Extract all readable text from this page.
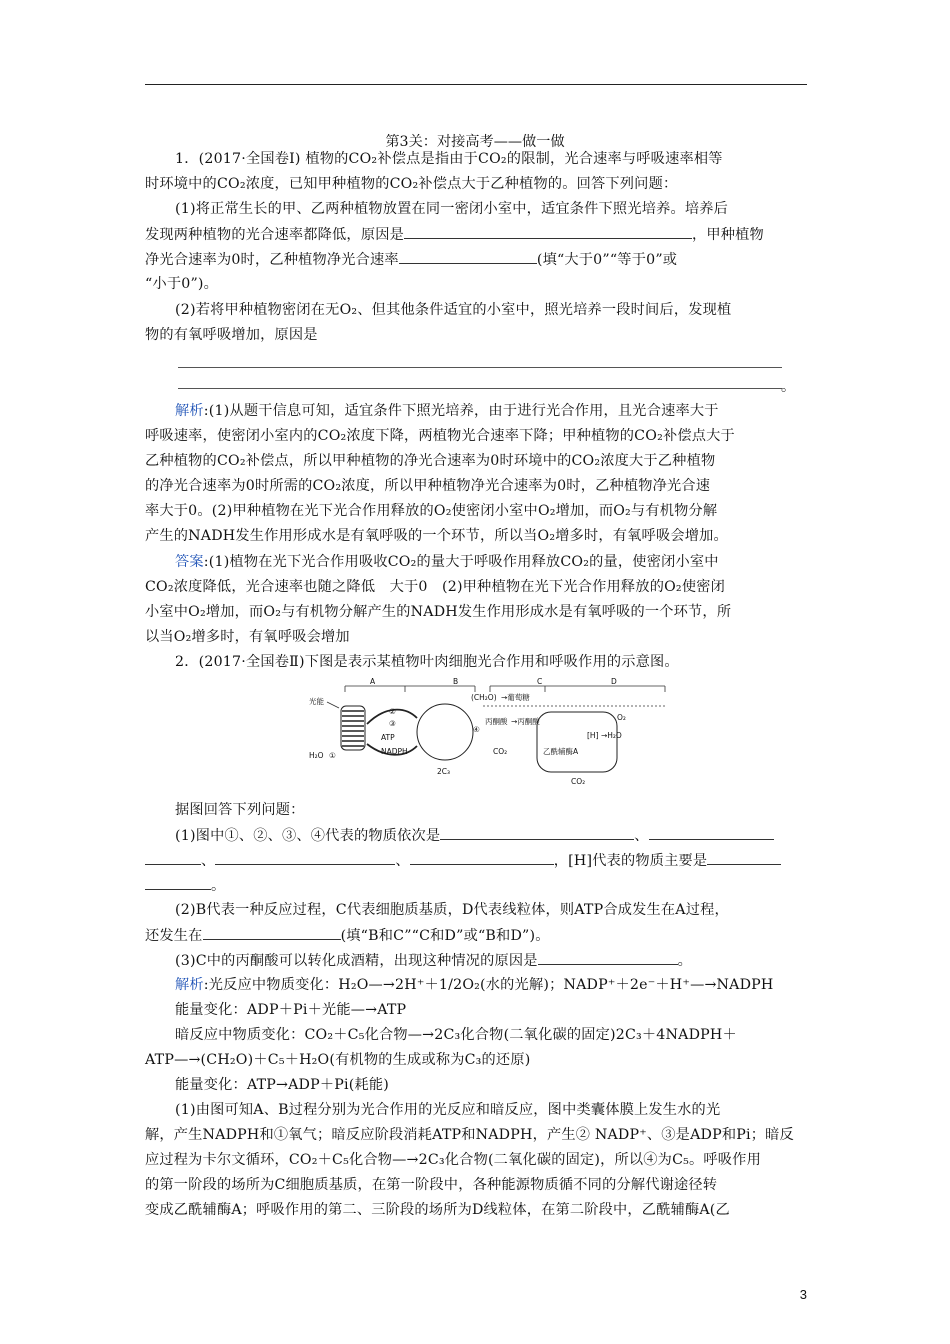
第3关：对接高考——做一做
1．(2017·全国卷Ⅰ) 植物的CO₂补偿点是指由于CO₂的限制，光合速率与呼吸速率相等
时环境中的CO₂浓度，已知甲种植物的CO₂补偿点大于乙种植物的。回答下列问题：
(1)将正常生长的甲、乙两种植物放置在同一密闭小室中，适宜条件下照光培养。培养后
发现两种植物的光合速率都降低，原因是	，甲种植物
净光合速率为0时，乙种植物净光合速率	(填“大于0”“等于0”或
“小于0”)。
(2)若将甲种植物密闭在无O₂、但其他条件适宜的小室中，照光培养一段时间后，发现植
物的有氧呼吸增加，原因是
。
解析:(1)从题干信息可知，适宜条件下照光培养，由于进行光合作用，且光合速率大于
呼吸速率，使密闭小室内的CO₂浓度下降，两植物光合速率下降；甲种植物的CO₂补偿点大于
乙种植物的CO₂补偿点，所以甲种植物的净光合速率为0时环境中的CO₂浓度大于乙种植物
的净光合速率为0时所需的CO₂浓度，所以甲种植物净光合速率为0时，乙种植物净光合速
率大于0。(2)甲种植物在光下光合作用释放的O₂使密闭小室中O₂增加，而O₂与有机物分解
产生的NADH发生作用形成水是有氧呼吸的一个环节，所以当O₂增多时，有氧呼吸会增加。
答案:(1)植物在光下光合作用吸收CO₂的量大于呼吸作用释放CO₂的量，使密闭小室中
CO₂浓度降低，光合速率也随之降低　大于0　(2)甲种植物在光下光合作用释放的O₂使密闭
小室中O₂增加，而O₂与有机物分解产生的NADH发生作用形成水是有氧呼吸的一个环节，所
以当O₂增多时，有氧呼吸会增加
2．(2017·全国卷Ⅱ)下图是表示某植物叶肉细胞光合作用和呼吸作用的示意图。
A	B	C	D
光能
②
③
ATP
NADPH
H₂O ①
④
CO₂
2C₃
(CH₂O) →葡萄糖
丙酮酸 →丙酮酸	O₂
[H] →H₂O
乙酰辅酶A
CO₂
据图回答下列问题：
(1)图中①、②、③、④代表的物质依次是	、
、	、	，[H]代表的物质主要是
。
(2)B代表一种反应过程，C代表细胞质基质，D代表线粒体，则ATP合成发生在A过程，
还发生在	(填“B和C”“C和D”或“B和D”)。
(3)C中的丙酮酸可以转化成酒精，出现这种情况的原因是	。
解析:光反应中物质变化：H₂O—→2H⁺＋1/2O₂(水的光解)；NADP⁺＋2e⁻＋H⁺—→NADPH
能量变化：ADP＋Pi＋光能—→ATP
暗反应中物质变化：CO₂＋C₅化合物—→2C₃化合物(二氧化碳的固定)2C₃＋4NADPH＋
ATP—→(CH₂O)＋C₅＋H₂O(有机物的生成或称为C₃的还原)
能量变化：ATP→ADP＋Pi(耗能)
(1)由图可知A、B过程分别为光合作用的光反应和暗反应，图中类囊体膜上发生水的光
解，产生NADPH和①氧气；暗反应阶段消耗ATP和NADPH，产生② NADP⁺、③是ADP和Pi；暗反
应过程为卡尔文循环，CO₂＋C₅化合物—→2C₃化合物(二氧化碳的固定)，所以④为C₅。呼吸作用
的第一阶段的场所为C细胞质基质，在第一阶段中，各种能源物质循不同的分解代谢途径转
变成乙酰辅酶A；呼吸作用的第二、三阶段的场所为D线粒体，在第二阶段中，乙酰辅酶A(乙
3
